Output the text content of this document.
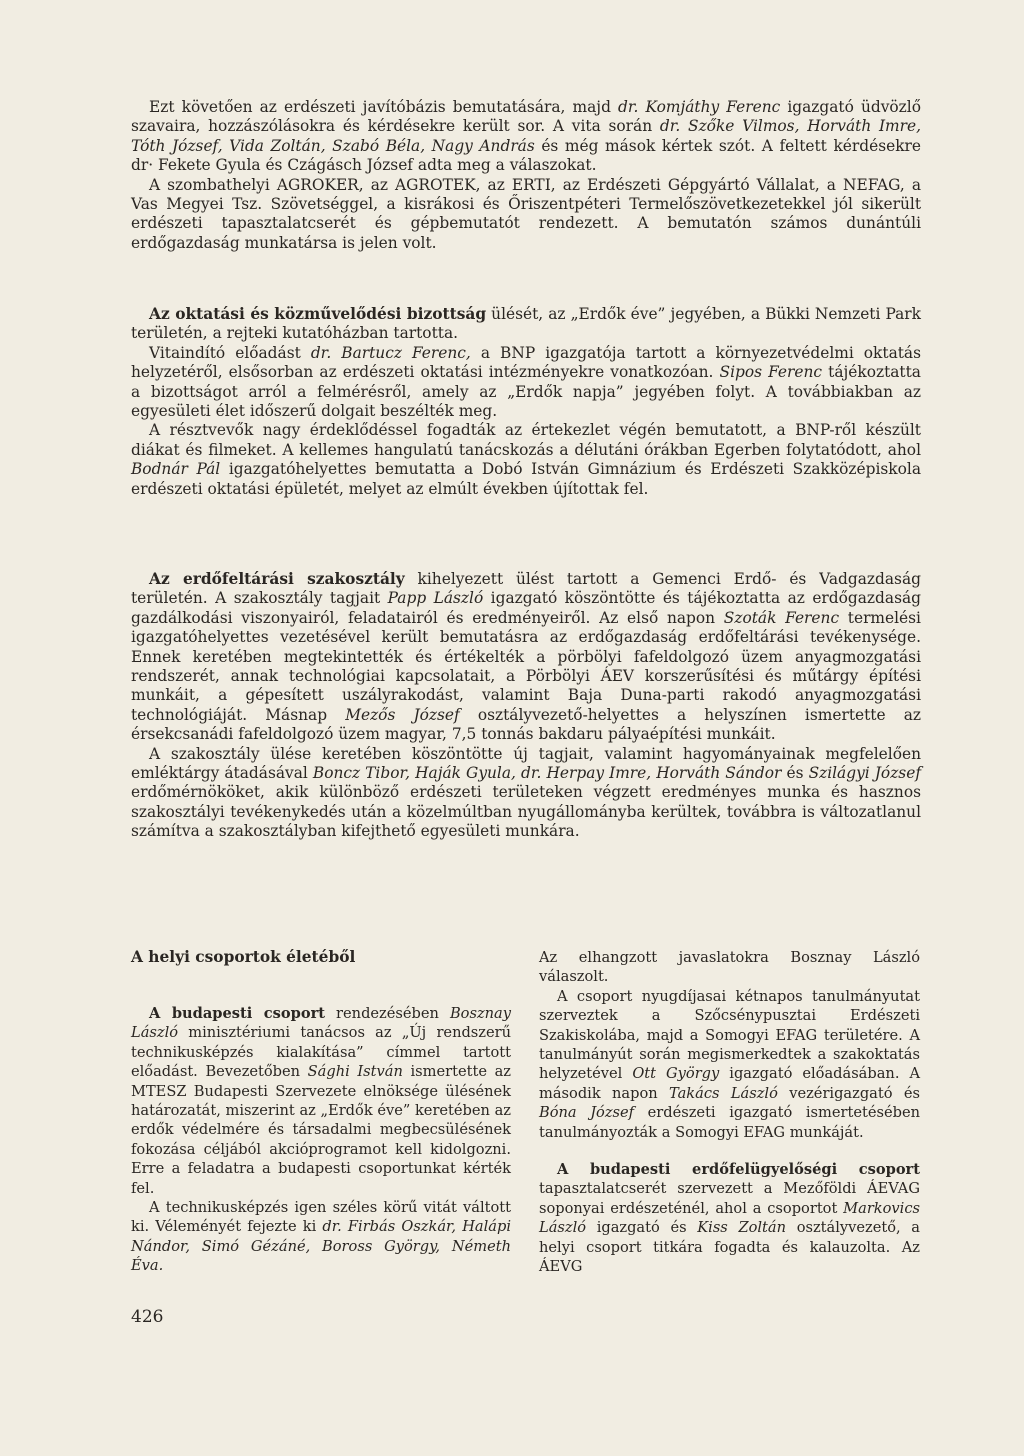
Ezt követően az erdészeti javítóbázis bemutatására, majd dr. Komjáthy Ferenc igazgató üdvözlő szavaira, hozzászólásokra és kérdésekre került sor. A vita során dr. Szőke Vilmos, Horváth Imre, Tóth József, Vida Zoltán, Szabó Béla, Nagy András és még mások kértek szót. A feltett kérdésekre dr· Fekete Gyula és Czágásch József adta meg a válaszokat.

A szombathelyi AGROKER, az AGROTEK, az ERTI, az Erdészeti Gépgyártó Vállalat, a NEFAG, a Vas Megyei Tsz. Szövetséggel, a kisrákosi és Őriszentpéteri Termelőszövetkezetekkel jól sikerült erdészeti tapasztalatcserét és gépbemutatót rendezett. A bemutatón számos dunántúli erdőgazdaság munkatársa is jelen volt.

Az oktatási és közművelődési bizottság ülését, az „Erdők éve” jegyében, a Bükki Nemzeti Park területén, a rejteki kutatóházban tartotta.

Vitaindító előadást dr. Bartucz Ferenc, a BNP igazgatója tartott a környezetvédelmi oktatás helyzetéről, elsősorban az erdészeti oktatási intézményekre vonatkozóan. Sipos Ferenc tájékoztatta a bizottságot arról a felmérésről, amely az „Erdők napja” jegyében folyt. A továbbiakban az egyesületi élet időszerű dolgait beszélték meg.

A résztvevők nagy érdeklődéssel fogadták az értekezlet végén bemutatott, a BNP-ről készült diákat és filmeket. A kellemes hangulatú tanácskozás a délutáni órákban Egerben folytatódott, ahol Bodnár Pál igazgatóhelyettes bemutatta a Dobó István Gimnázium és Erdészeti Szakközépiskola erdészeti oktatási épületét, melyet az elmúlt években újítottak fel.

Az erdőfeltárási szakosztály kihelyezett ülést tartott a Gemenci Erdő- és Vadgazdaság területén. A szakosztály tagjait Papp László igazgató köszöntötte és tájékoztatta az erdőgazdaság gazdálkodási viszonyairól, feladatairól és eredményeiről. Az első napon Szoták Ferenc termelési igazgatóhelyettes vezetésével került bemutatásra az erdőgazdaság erdőfeltárási tevékenysége. Ennek keretében megtekintették és értékelték a pörbölyi fafeldolgozó üzem anyagmozgatási rendszerét, annak technológiai kapcsolatait, a Pörbölyi ÁEV korszerűsítési és műtárgy építési munkáit, a gépesített uszályrakodást, valamint Baja Duna-parti rakodó anyagmozgatási technológiáját. Másnap Mezős József osztályvezető-helyettes a helyszínen ismertette az érsekcsanádi fafeldolgozó üzem magyar, 7,5 tonnás bakdaru pályaépítési munkáit.

A szakosztály ülése keretében köszöntötte új tagjait, valamint hagyományainak megfelelően emléktárgy átadásával Boncz Tibor, Haják Gyula, dr. Herpay Imre, Horváth Sándor és Szilágyi József erdőmérnököket, akik különböző erdészeti területeken végzett eredményes munka és hasznos szakosztályi tevékenykedés után a közelmúltban nyugállományba kerültek, továbbra is változatlanul számítva a szakosztályban kifejthető egyesületi munkára.

A helyi csoportok életéből

A budapesti csoport rendezésében Bosznay László minisztériumi tanácsos az „Új rendszerű technikusképzés kialakítása” címmel tartott előadást. Bevezetőben Sághi István ismertette az MTESZ Budapesti Szervezete elnöksége ülésének határozatát, miszerint az „Erdők éve” keretében az erdők védelmére és társadalmi megbecsülésének fokozása céljából akcióprogramot kell kidolgozni. Erre a feladatra a budapesti csoportunkat kérték fel.

A technikusképzés igen széles körű vitát váltott ki. Véleményét fejezte ki dr. Firbás Oszkár, Halápi Nándor, Simó Gézáné, Boross György, Németh Éva.

Az elhangzott javaslatokra Bosznay László válaszolt.

A csoport nyugdíjasai kétnapos tanulmányutat szerveztek a Szőcsénypusztai Erdészeti Szakiskolába, majd a Somogyi EFAG területére. A tanulmányút során megismerkedtek a szakoktatás helyzetével Ott György igazgató előadásában. A második napon Takács László vezérigazgató és Bóna József erdészeti igazgató ismertetésében tanulmányozták a Somogyi EFAG munkáját.

A budapesti erdőfelügyelőségi csoport tapasztalatcserét szervezett a Mezőföldi ÁEVAG soponyai erdészeténél, ahol a csoportot Markovics László igazgató és Kiss Zoltán osztályvezető, a helyi csoport titkára fogadta és kalauzolta. Az ÁEVG

426
